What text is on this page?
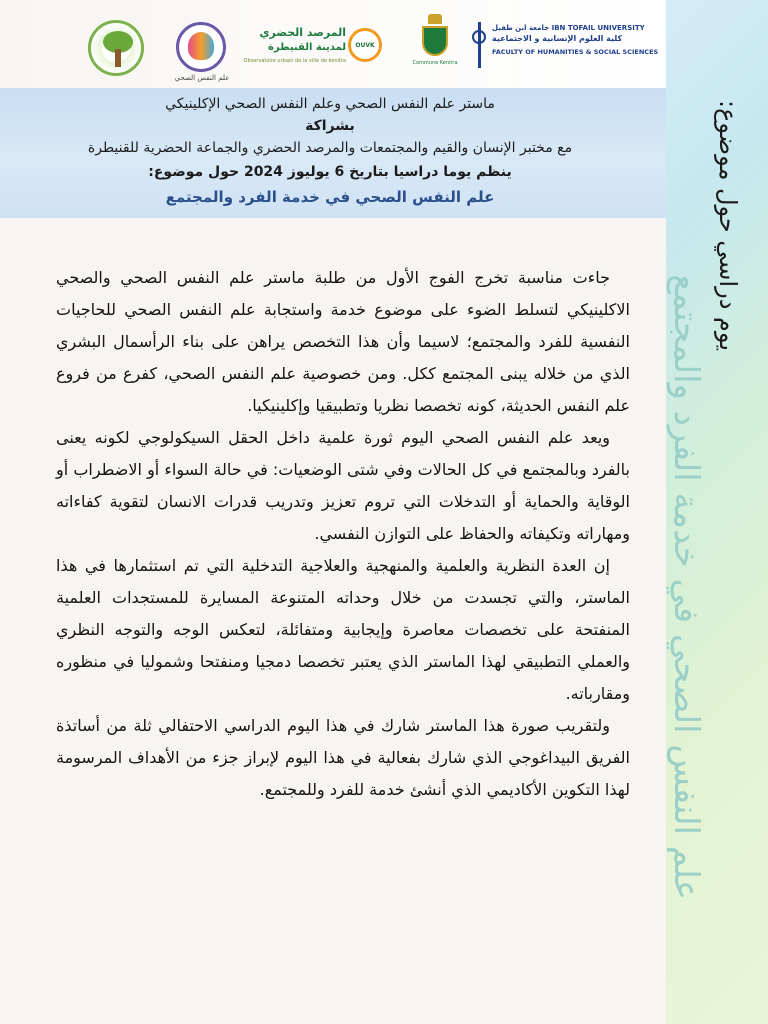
علم النفس الصحي
المرصد الحضري
لمدينة القنيطرة
Observatoire urbain de la ville de kenitra
OUVK
Commune Kenitra
جامعة ابن طفيل IBN TOFAIL UNIVERSITY
كلية العلوم الإنسانية و الاجتماعية
FACULTY OF HUMANITIES & SOCIAL SCIENCES
ماستر علم النفس الصحي وعلم النفس الصحي الإكلينيكي
بشراكة
مع مختبر الإنسان والقيم والمجتمعات والمرصد الحضري والجماعة الحضرية للقنيطرة
ينظم يوما دراسيا بتاريخ 6 يوليوز 2024 حول موضوع:
علم النفس الصحي في خدمة الفرد والمجتمع	يوم دراسي حول موضوع:
علم النفس الصحي في خدمة الفرد والمجتمع

جاءت مناسبة تخرج الفوج الأول من طلبة ماستر علم النفس الصحي والصحي الاكلينيكي لتسلط الضوء على موضوع خدمة واستجابة علم النفس الصحي للحاجيات النفسية للفرد والمجتمع؛ لاسيما وأن هذا التخصص يراهن على بناء الرأسمال البشري الذي من خلاله يبنى المجتمع ككل. ومن خصوصية علم النفس الصحي، كفرع من فروع علم النفس الحديثة، كونه تخصصا نظريا وتطبيقيا وإكلينيكيا.

ويعد علم النفس الصحي اليوم ثورة علمية داخل الحقل السيكولوجي لكونه يعنى بالفرد وبالمجتمع في كل الحالات وفي شتى الوضعيات: في حالة السواء أو الاضطراب أو الوقاية والحماية أو التدخلات التي تروم تعزيز وتدريب قدرات الانسان لتقوية كفاءاته ومهاراته وتكيفاته والحفاظ على التوازن النفسي.

إن العدة النظرية والعلمية والمنهجية والعلاجية التدخلية التي تم استثمارها في هذا الماستر، والتي تجسدت من خلال وحداته المتنوعة المسايرة للمستجدات العلمية المنفتحة على تخصصات معاصرة وإيجابية ومتفائلة، لتعكس الوجه والتوجه النظري والعملي التطبيقي لهذا الماستر الذي يعتبر تخصصا دمجيا ومنفتحا وشموليا في منظوره ومقارباته.

ولتقريب صورة هذا الماستر شارك في هذا اليوم الدراسي الاحتفالي ثلة من أساتذة الفريق البيداغوجي الذي شارك بفعالية في هذا اليوم لإبراز جزء من الأهداف المرسومة لهذا التكوين الأكاديمي الذي أنشئ خدمة للفرد وللمجتمع.
